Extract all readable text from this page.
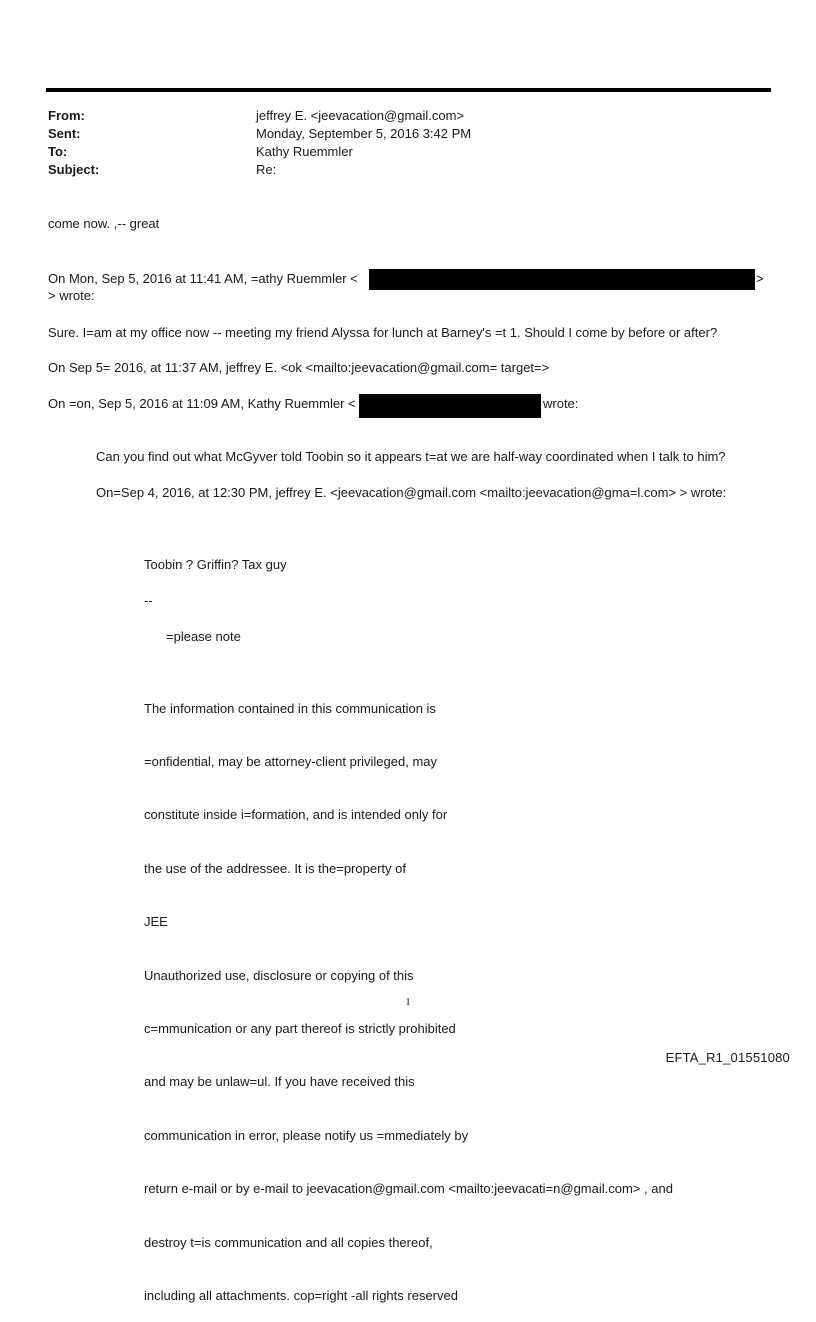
From:	jeffrey E. <jeevacation@gmail.com>
Sent:	Monday, September 5, 2016 3:42 PM
To:	Kathy Ruemmler
Subject:	Re:
come now. ,-- great
On Mon, Sep 5, 2016 at 11:41 AM, =athy Ruemmler <	>
> wrote:
Sure. I=am at my office now -- meeting my friend Alyssa for lunch at Barney's =t 1. Should I come by before or after?
On Sep 5= 2016, at 11:37 AM, jeffrey E. <ok <mailto:jeevacation@gmail.com= target=>
On =on, Sep 5, 2016 at 11:09 AM, Kathy Ruemmler <	wrote:
Can you find out what McGyver told Toobin so it appears t=at we are half-way coordinated when I talk to him?
On=Sep 4, 2016, at 12:30 PM, jeffrey E. <jeevacation@gmail.com <mailto:jeevacation@gma=l.com> > wrote:
Toobin ? Griffin? Tax guy
--
=please note

The information contained in this communication is

=onfidential, may be attorney-client privileged, may

constitute inside i=formation, and is intended only for

the use of the addressee. It is the=property of

JEE

Unauthorized use, disclosure or copying of this

c=mmunication or any part thereof is strictly prohibited

and may be unlaw=ul. If you have received this

communication in error, please notify us =mmediately by

return e-mail or by e-mail to jeevacation@gmail.com <mailto:jeevacati=n@gmail.com> , and

destroy t=is communication and all copies thereof,

including all attachments. cop=right -all rights reserved

1
EFTA_R1_01551080
